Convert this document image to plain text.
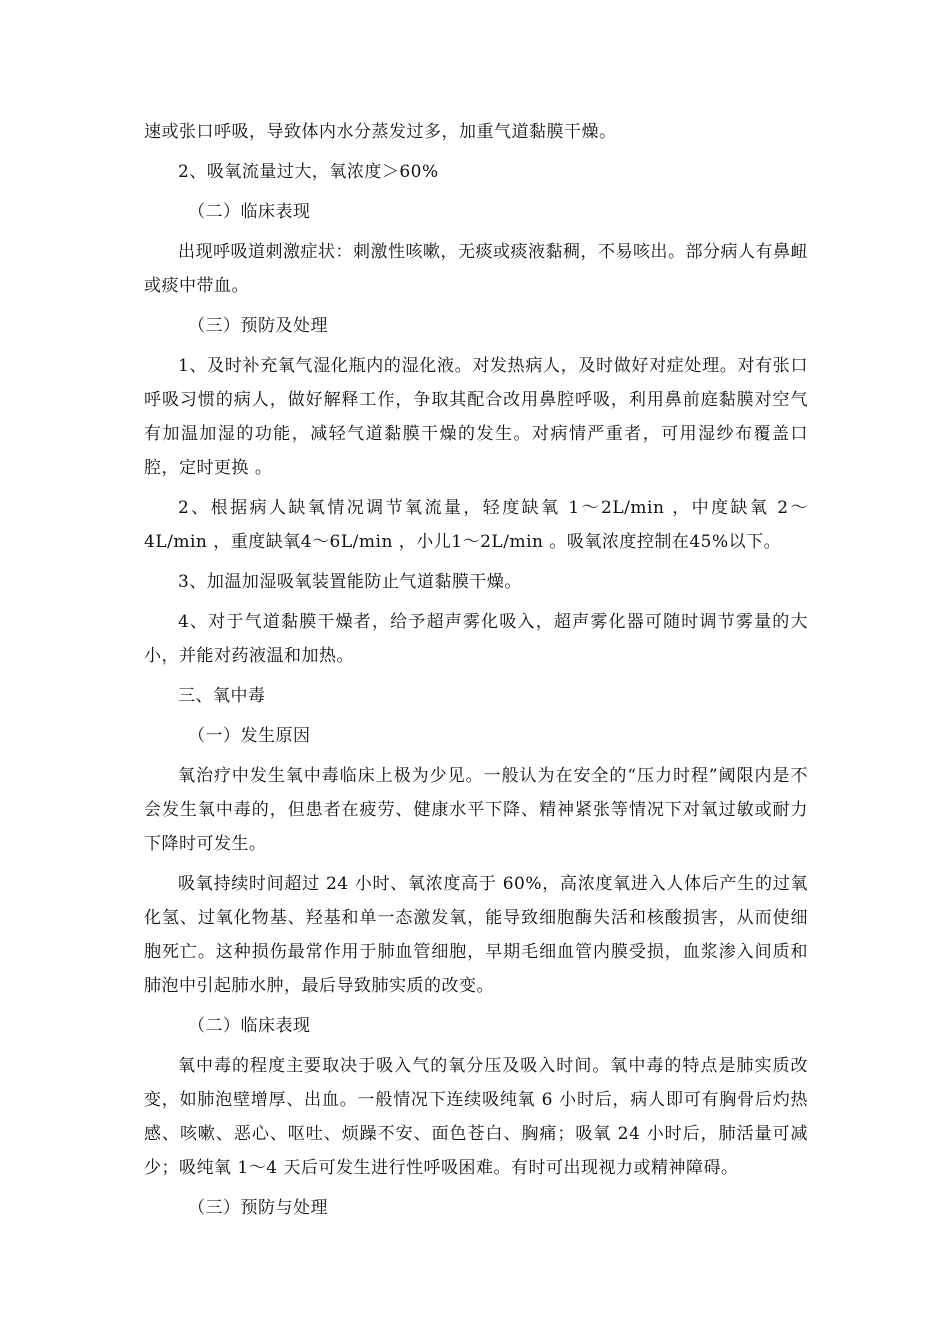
速或张口呼吸，导致体内水分蒸发过多，加重气道黏膜干燥。

2、吸氧流量过大，氧浓度＞60%

（二）临床表现

出现呼吸道刺激症状：刺激性咳嗽，无痰或痰液黏稠，不易咳出。部分病人有鼻衄或痰中带血。

（三）预防及处理

1、及时补充氧气湿化瓶内的湿化液。对发热病人，及时做好对症处理。对有张口呼吸习惯的病人，做好解释工作，争取其配合改用鼻腔呼吸，利用鼻前庭黏膜对空气有加温加湿的功能，减轻气道黏膜干燥的发生。对病情严重者，可用湿纱布覆盖口腔，定时更换 。

2、根据病人缺氧情况调节氧流量，轻度缺氧 1～2L/min ，中度缺氧 2～4L/min ，重度缺氧4～6L/min ，小儿1～2L/min 。吸氧浓度控制在45%以下。

3、加温加湿吸氧装置能防止气道黏膜干燥。

4、对于气道黏膜干燥者，给予超声雾化吸入，超声雾化器可随时调节雾量的大小，并能对药液温和加热。

三、氧中毒

（一）发生原因

氧治疗中发生氧中毒临床上极为少见。一般认为在安全的“压力时程”阈限内是不会发生氧中毒的，但患者在疲劳、健康水平下降、精神紧张等情况下对氧过敏或耐力下降时可发生。

吸氧持续时间超过 24 小时、氧浓度高于 60%，高浓度氧进入人体后产生的过氧化氢、过氧化物基、羟基和单一态激发氧，能导致细胞酶失活和核酸损害，从而使细胞死亡。这种损伤最常作用于肺血管细胞，早期毛细血管内膜受损，血浆渗入间质和肺泡中引起肺水肿，最后导致肺实质的改变。

（二）临床表现

氧中毒的程度主要取决于吸入气的氧分压及吸入时间。氧中毒的特点是肺实质改变，如肺泡壁增厚、出血。一般情况下连续吸纯氧 6 小时后，病人即可有胸骨后灼热感、咳嗽、恶心、呕吐、烦躁不安、面色苍白、胸痛；吸氧 24 小时后，肺活量可减少；吸纯氧 1～4 天后可发生进行性呼吸困难。有时可出现视力或精神障碍。

（三）预防与处理
